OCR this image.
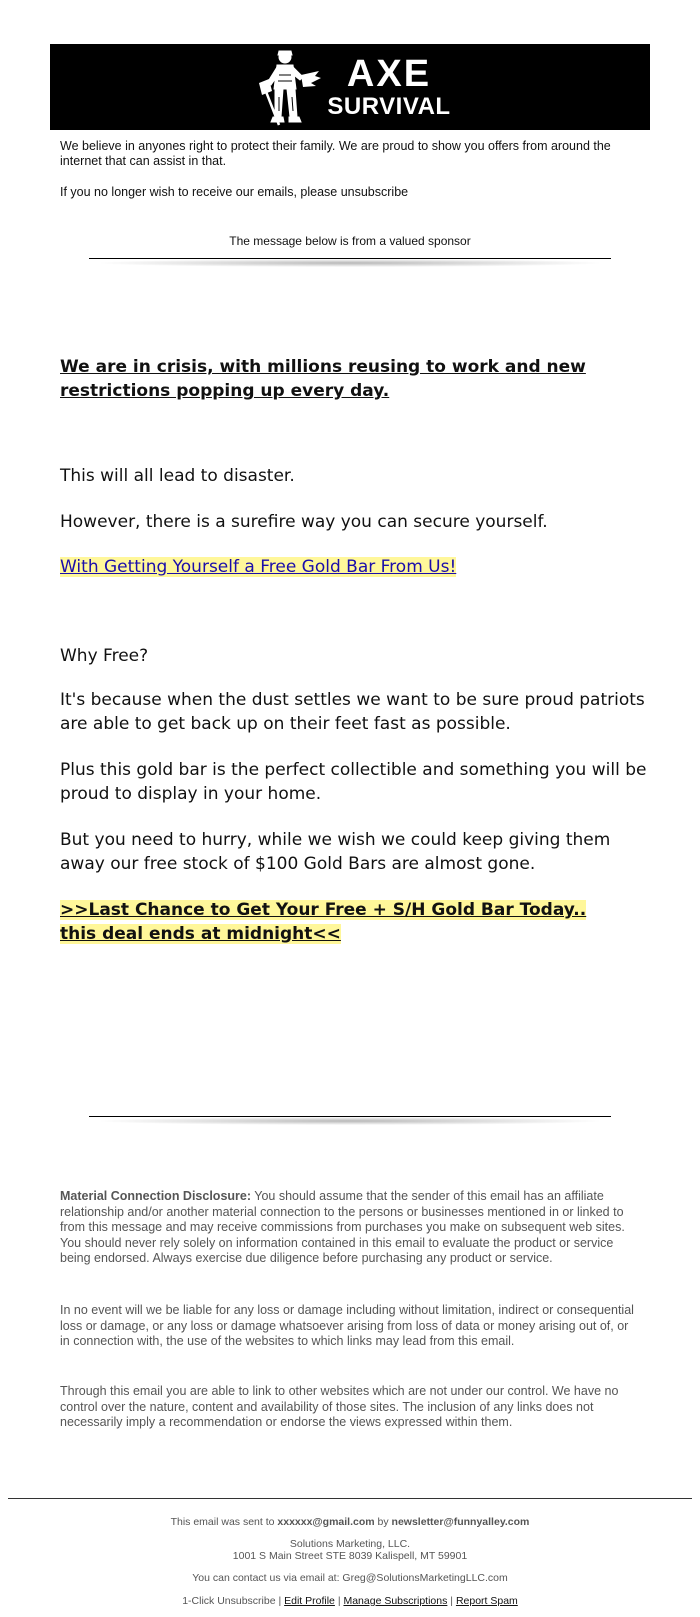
AXE
SURVIVAL

We believe in anyones right to protect their family. We are proud to show you offers from around the internet that can assist in that.

If you no longer wish to receive our emails, please unsubscribe

The message below is from a valued sponsor
We are in crisis, with millions reusing to work and new restrictions popping up every day.
This will all lead to disaster.
However, there is a surefire way you can secure yourself.
With Getting Yourself a Free Gold Bar From Us!
Why Free?
It's because when the dust settles we want to be sure proud patriots are able to get back up on their feet fast as possible.
Plus this gold bar is the perfect collectible and something you will be proud to display in your home.
But you need to hurry, while we wish we could keep giving them away our free stock of $100 Gold Bars are almost gone.
>>Last Chance to Get Your Free + S/H Gold Bar Today.. this deal ends at midnight<<
Material Connection Disclosure: You should assume that the sender of this email has an affiliate relationship and/or another material connection to the persons or businesses mentioned in or linked to from this message and may receive commissions from purchases you make on subsequent web sites. You should never rely solely on information contained in this email to evaluate the product or service being endorsed. Always exercise due diligence before purchasing any product or service.
In no event will we be liable for any loss or damage including without limitation, indirect or consequential loss or damage, or any loss or damage whatsoever arising from loss of data or money arising out of, or in connection with, the use of the websites to which links may lead from this email.
Through this email you are able to link to other websites which are not under our control. We have no control over the nature, content and availability of those sites. The inclusion of any links does not necessarily imply a recommendation or endorse the views expressed within them.
This email was sent to xxxxxx@gmail.com by newsletter@funnyalley.com
Solutions Marketing, LLC.
1001 S Main Street STE 8039 Kalispell, MT 59901
You can contact us via email at: Greg@SolutionsMarketingLLC.com
1-Click Unsubscribe | Edit Profile | Manage Subscriptions | Report Spam
